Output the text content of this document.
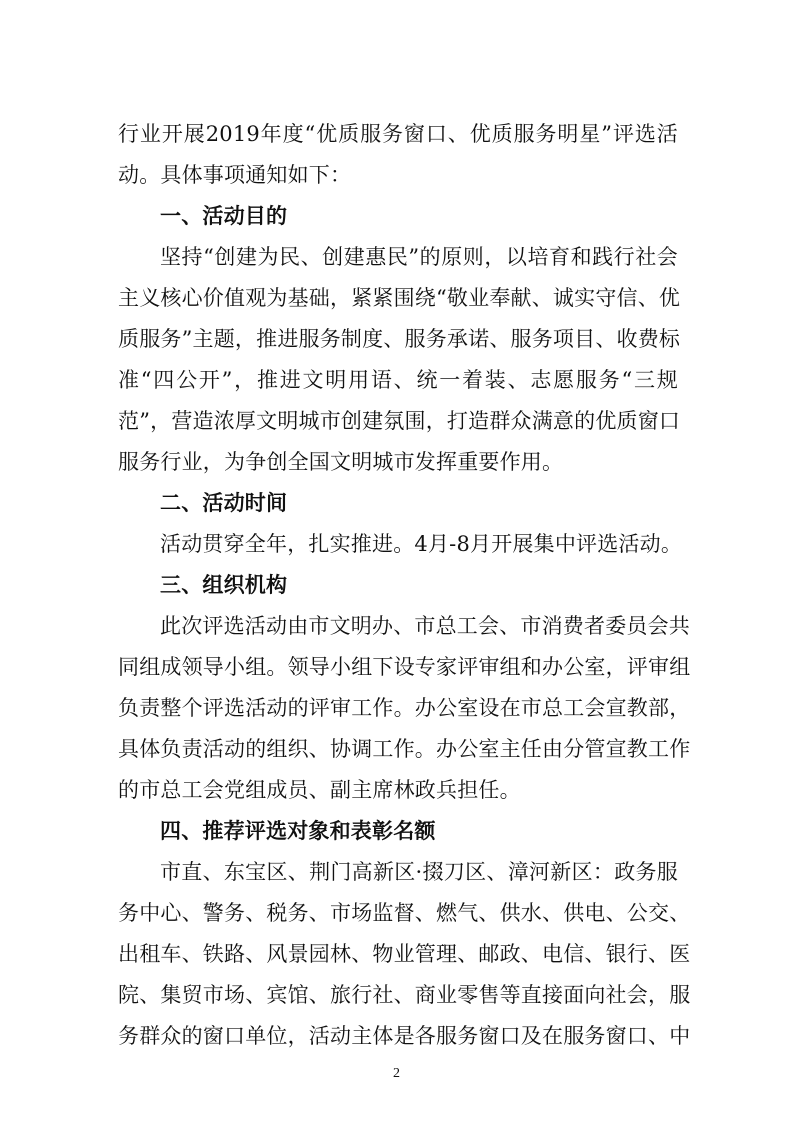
行业开展2019年度“优质服务窗口、优质服务明星”评选活
动。具体事项通知如下：
一、活动目的
坚持“创建为民、创建惠民”的原则，以培育和践行社会
主义核心价值观为基础，紧紧围绕“敬业奉献、诚实守信、优
质服务”主题，推进服务制度、服务承诺、服务项目、收费标
准“四公开”，推进文明用语、统一着装、志愿服务“三规
范”，营造浓厚文明城市创建氛围，打造群众满意的优质窗口
服务行业，为争创全国文明城市发挥重要作用。
二、活动时间
活动贯穿全年，扎实推进。4月-8月开展集中评选活动。
三、组织机构
此次评选活动由市文明办、市总工会、市消费者委员会共
同组成领导小组。领导小组下设专家评审组和办公室，评审组
负责整个评选活动的评审工作。办公室设在市总工会宣教部，
具体负责活动的组织、协调工作。办公室主任由分管宣教工作
的市总工会党组成员、副主席林政兵担任。
四、推荐评选对象和表彰名额
市直、东宝区、荆门高新区·掇刀区、漳河新区：政务服
务中心、警务、税务、市场监督、燃气、供水、供电、公交、
出租车、铁路、风景园林、物业管理、邮政、电信、银行、医
院、集贸市场、宾馆、旅行社、商业零售等直接面向社会，服
务群众的窗口单位，活动主体是各服务窗口及在服务窗口、中
2
